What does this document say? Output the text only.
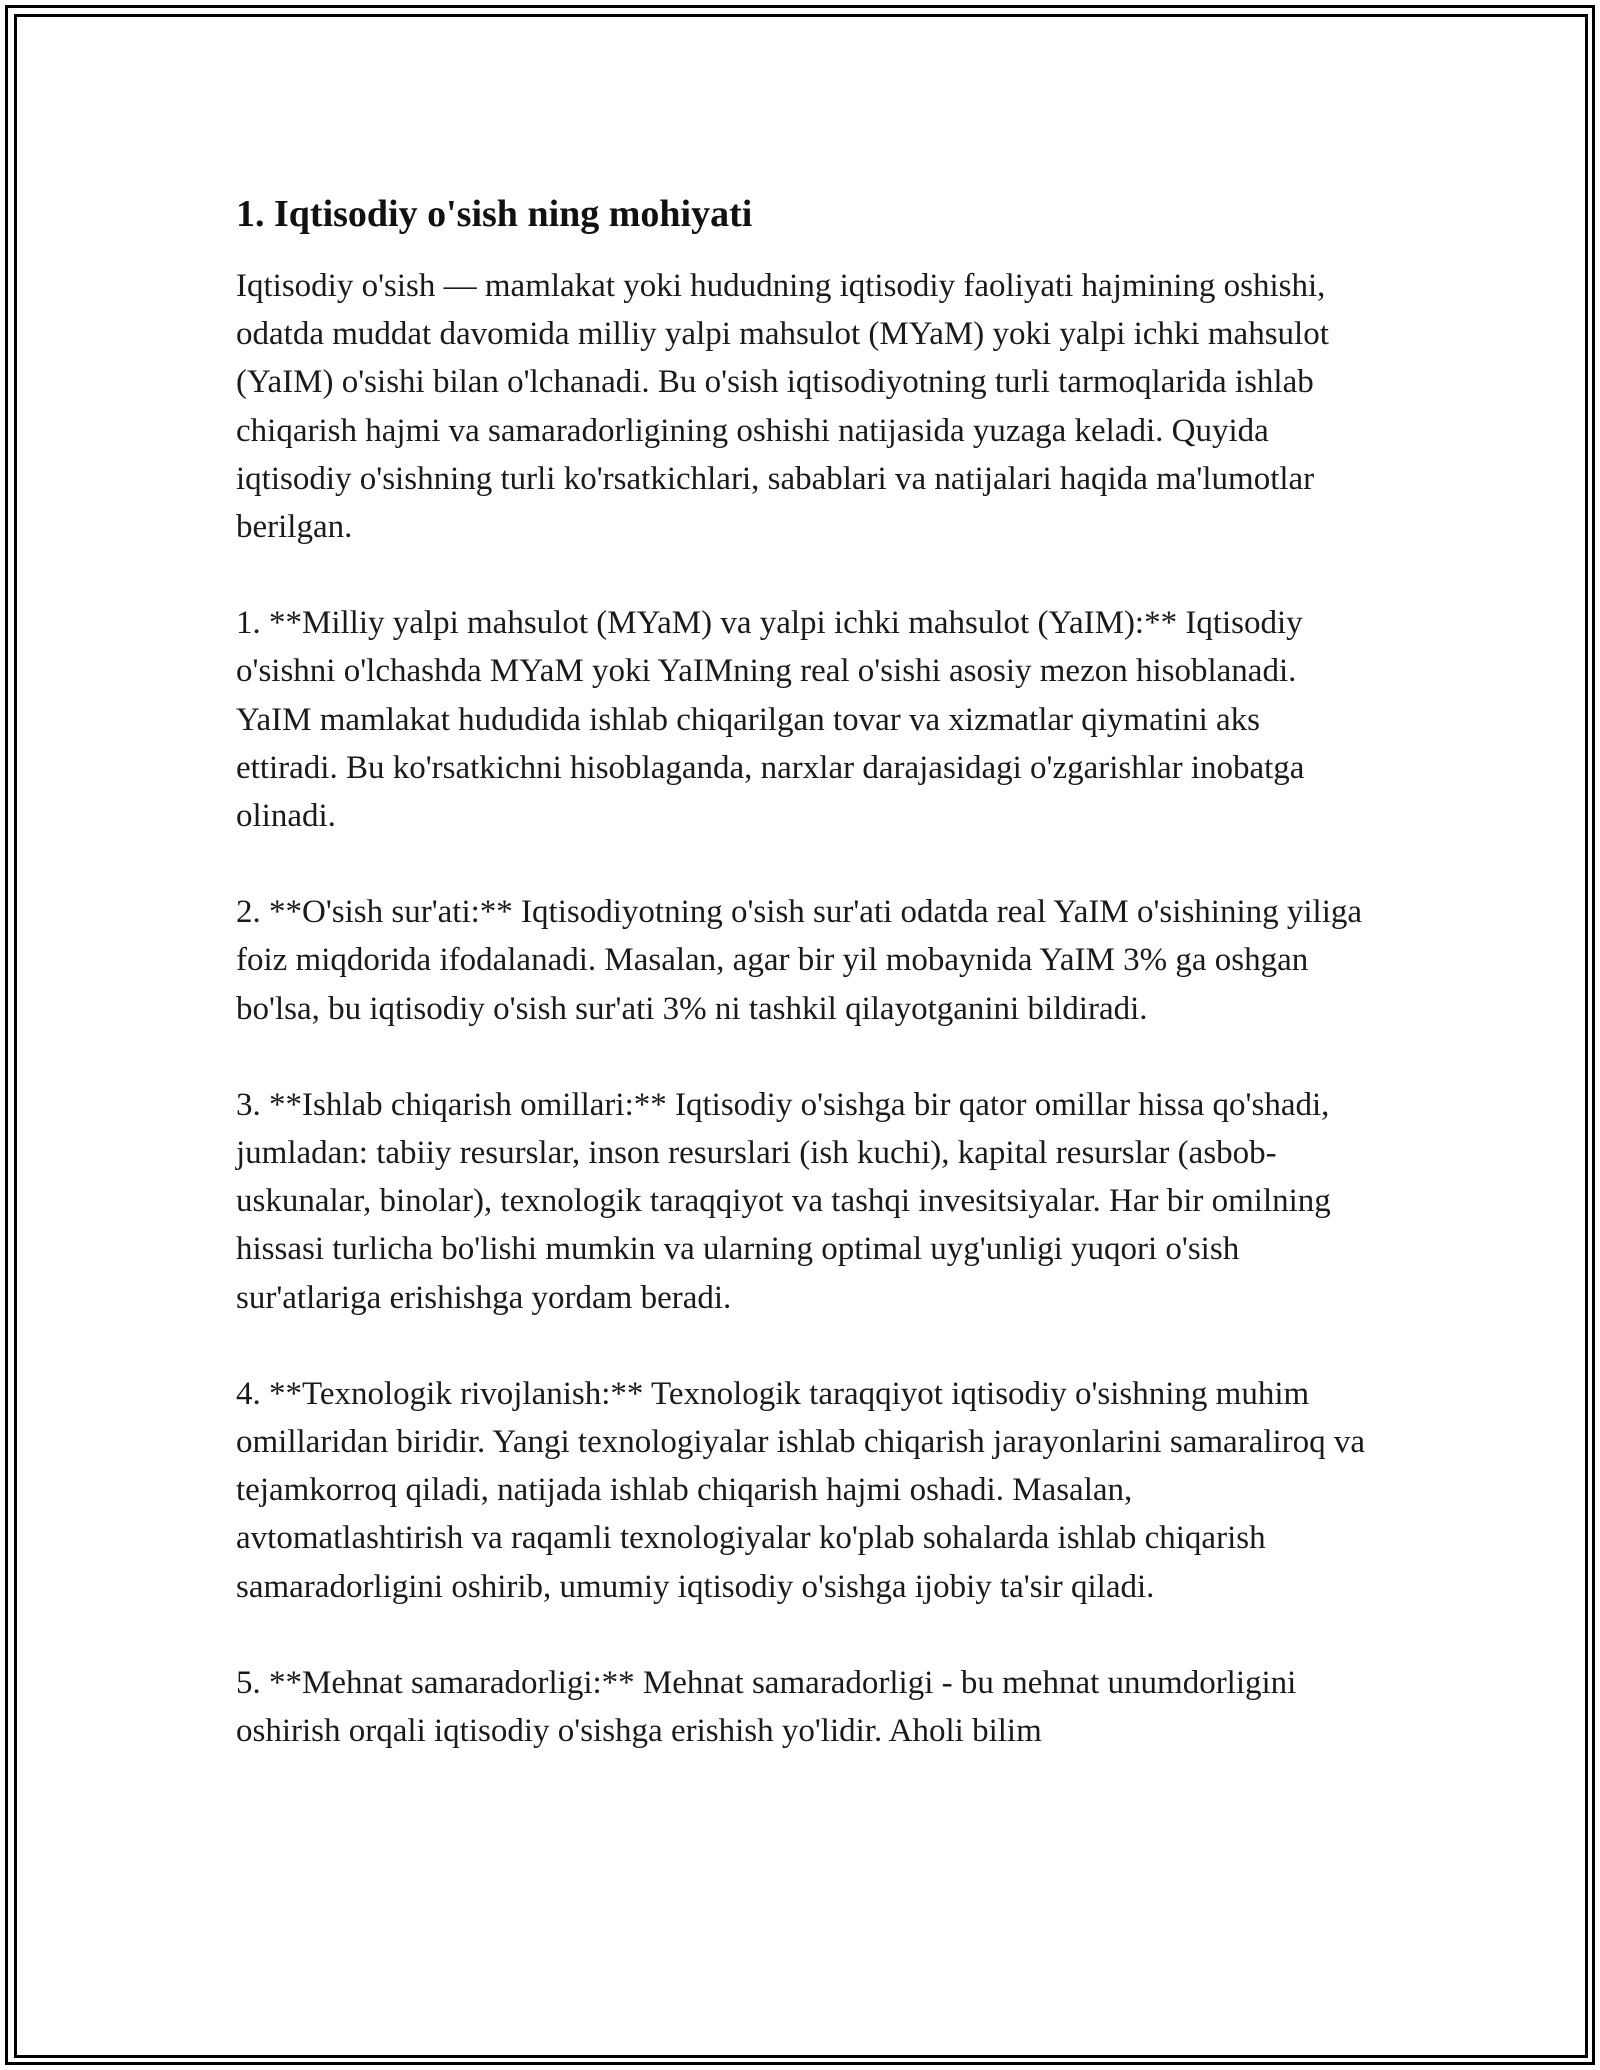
1. Iqtisodiy o'sish ning mohiyati

Iqtisodiy o'sish — mamlakat yoki hududning iqtisodiy faoliyati hajmining oshishi, odatda muddat davomida milliy yalpi mahsulot (MYaM) yoki yalpi ichki mahsulot (YaIM) o'sishi bilan o'lchanadi. Bu o'sish iqtisodiyotning turli tarmoqlarida ishlab chiqarish hajmi va samaradorligining oshishi natijasida yuzaga keladi. Quyida iqtisodiy o'sishning turli ko'rsatkichlari, sabablari va natijalari haqida ma'lumotlar berilgan.

1. **Milliy yalpi mahsulot (MYaM) va yalpi ichki mahsulot (YaIM):** Iqtisodiy o'sishni o'lchashda MYaM yoki YaIMning real o'sishi asosiy mezon hisoblanadi. YaIM mamlakat hududida ishlab chiqarilgan tovar va xizmatlar qiymatini aks ettiradi. Bu ko'rsatkichni hisoblaganda, narxlar darajasidagi o'zgarishlar inobatga olinadi.

2. **O'sish sur'ati:** Iqtisodiyotning o'sish sur'ati odatda real YaIM o'sishining yiliga foiz miqdorida ifodalanadi. Masalan, agar bir yil mobaynida YaIM 3% ga oshgan bo'lsa, bu iqtisodiy o'sish sur'ati 3% ni tashkil qilayotganini bildiradi.

3. **Ishlab chiqarish omillari:** Iqtisodiy o'sishga bir qator omillar hissa qo'shadi, jumladan: tabiiy resurslar, inson resurslari (ish kuchi), kapital resurslar (asbob-uskunalar, binolar), texnologik taraqqiyot va tashqi invesitsiyalar. Har bir omilning hissasi turlicha bo'lishi mumkin va ularning optimal uyg'unligi yuqori o'sish sur'atlariga erishishga yordam beradi.

4. **Texnologik rivojlanish:** Texnologik taraqqiyot iqtisodiy o'sishning muhim omillaridan biridir. Yangi texnologiyalar ishlab chiqarish jarayonlarini samaraliroq va tejamkorroq qiladi, natijada ishlab chiqarish hajmi oshadi. Masalan, avtomatlashtirish va raqamli texnologiyalar ko'plab sohalarda ishlab chiqarish samaradorligini oshirib, umumiy iqtisodiy o'sishga ijobiy ta'sir qiladi.

5. **Mehnat samaradorligi:** Mehnat samaradorligi - bu mehnat unumdorligini oshirish orqali iqtisodiy o'sishga erishish yo'lidir. Aholi bilim
